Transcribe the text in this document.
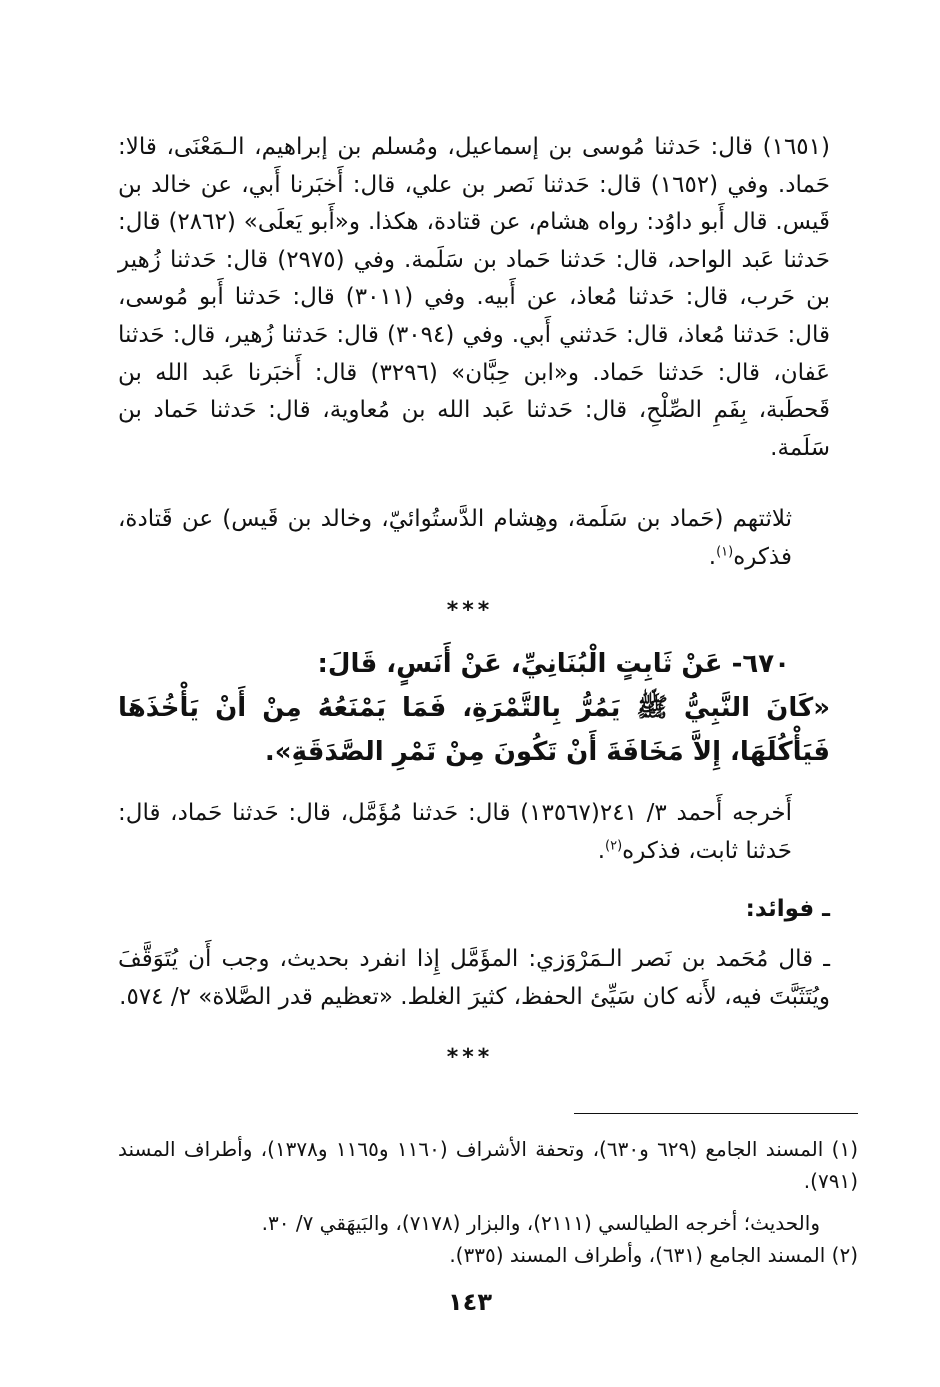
(١٦٥١) قال: حَدثنا مُوسى بن إسماعيل، ومُسلم بن إبراهيم، الـمَعْنَى، قالا: حَماد. وفي (١٦٥٢) قال: حَدثنا نَصر بن علي، قال: أَخبَرنا أَبي، عن خالد بن قَيس. قال أَبو داوُد: رواه هشام، عن قتادة، هكذا. و«أَبو يَعلَى» (٢٨٦٢) قال: حَدثنا عَبد الواحد، قال: حَدثنا حَماد بن سَلَمة. وفي (٢٩٧٥) قال: حَدثنا زُهير بن حَرب، قال: حَدثنا مُعاذ، عن أَبيه. وفي (٣٠١١) قال: حَدثنا أَبو مُوسى، قال: حَدثنا مُعاذ، قال: حَدثني أَبي. وفي (٣٠٩٤) قال: حَدثنا زُهير، قال: حَدثنا عَفان، قال: حَدثنا حَماد. و«ابن حِبَّان» (٣٢٩٦) قال: أَخبَرنا عَبد الله بن قَحطَبة، بِفَمِ الصِّلْحِ، قال: حَدثنا عَبد الله بن مُعاوية، قال: حَدثنا حَماد بن سَلَمة.
ثلاثتهم (حَماد بن سَلَمة، وهِشام الدَّستُوائيّ، وخالد بن قَيس) عن قَتادة، فذكره$^{(١)}$.
***
٦٧٠- عَنْ ثَابِتٍ الْبُنَانِيِّ، عَنْ أَنَسٍ، قَالَ:
«كَانَ النَّبِيُّ ﷺ يَمُرُّ بِالتَّمْرَةِ، فَمَا يَمْنَعُهُ مِنْ أَنْ يَأْخُذَهَا فَيَأْكُلَهَا، إِلاَّ مَخَافَةَ أَنْ تَكُونَ مِنْ تَمْرِ الصَّدَقَةِ».
أَخرجه أَحمد ٣/ ٢٤١(١٣٥٦٧) قال: حَدثنا مُؤَمَّل، قال: حَدثنا حَماد، قال: حَدثنا ثابت، فذكره$^{(٢)}$.
ـ فوائد:
ـ قال مُحَمد بن نَصر الـمَرْوَزي: المؤَمَّل إِذا انفرد بحديث، وجب أَن يُتَوَقَّفَ ويُتَثَبَّتَ فيه، لأَنه كان سَيِّئ الحفظ، كثيرَ الغلط. «تعظيم قدر الصَّلاة» ٢/ ٥٧٤.
***
(١) المسند الجامع (٦٢٩ و٦٣٠)، وتحفة الأشراف (١١٦٠ و١١٦٥ و١٣٧٨)، وأطراف المسند (٧٩١).
والحديث؛ أخرجه الطيالسي (٢١١١)، والبزار (٧١٧٨)، والبَيهَقي ٧/ ٣٠.
(٢) المسند الجامع (٦٣١)، وأطراف المسند (٣٣٥).
١٤٣
